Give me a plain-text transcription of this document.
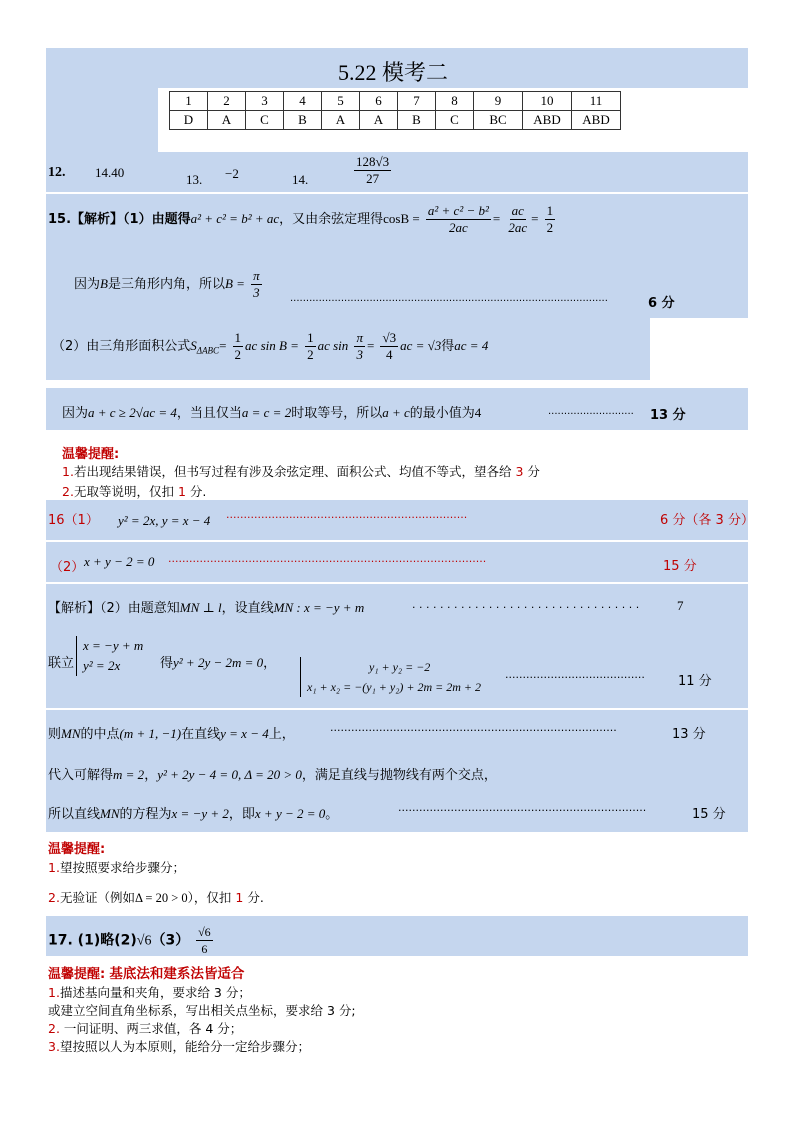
5.22 模考二
1	2	3	4	5	6	7	8	9	10	11
D	A	C	B	A	A	B	C	BC	ABD	ABD
12. 14.40	13. −2	14.	$\frac{128√3}{27}$
15.【解析】（1）由题得a² + c² = b² + ac，又由余弦定理得$\cos B = \frac{\text{a² + c² − b²}}{2ac} = \frac{ac}{2ac} = \frac{1}{2}$
因为B是三角形内角，所以$B = \frac{\pi}{3}$	....................................................................................................	6 分
（2）由三角形面积公式$S_{\Delta ABC}= \frac{1}{2}$ ac $\sin B = \frac{1}{2}$ ac $\sin \frac{\pi}{3} = \frac{√3}{4}$ ac = √3得ac = 4
因为a + c ≥ 2√ac = 4，当且仅当a = c = 2时取等号，所以a + c的最小值为4	........................... 13 分
温馨提醒:
1.若出现结果错误，但书写过程有涉及余弦定理、面积公式、均值不等式，望各给 3 分
2.无取等说明，仅扣 1 分.
16（1） y² = 2x, y = x − 4 ·····································································	6 分（各 3 分）
（2） x + y − 2 = 0 ···························································································	15 分
【解析】（2）由题意知MN ⊥ l，设直线MN : x = −y + m	. . . . . . . . . . . . . . . . . . . . . . . . . . . . . . . . .	7
联立
x = −y + m
y² = 2x	得y² + 2y − 2m = 0，	y₁ + y₂ = −2
x₁ + x₂ = −(y₁ + y₂) + 2m = 2m + 2
········································	11 分
则MN的中点(m + 1, −1)在直线y = x − 4上，	··················································································	13 分
代入可解得m = 2，y² + 2y − 4 = 0, Δ = 20 > 0，满足直线与抛物线有两个交点，
所以直线MN的方程为x = −y + 2，即x + y − 2 = 0。	·······································································	15 分
温馨提醒:
1.望按照要求给步骤分；
2.无验证（例如Δ = 20 > 0），仅扣 1 分.
17. (1)略$(2)√6(3) \frac{√6}{6}$
温馨提醒: 基底法和建系法皆适合
1.描述基向量和夹角，要求给 3 分；
或建立空间直角坐标系，写出相关点坐标，要求给 3 分;
2. 一问证明、两三求值，各 4 分；
3.望按照以人为本原则，能给分一定给步骤分；
